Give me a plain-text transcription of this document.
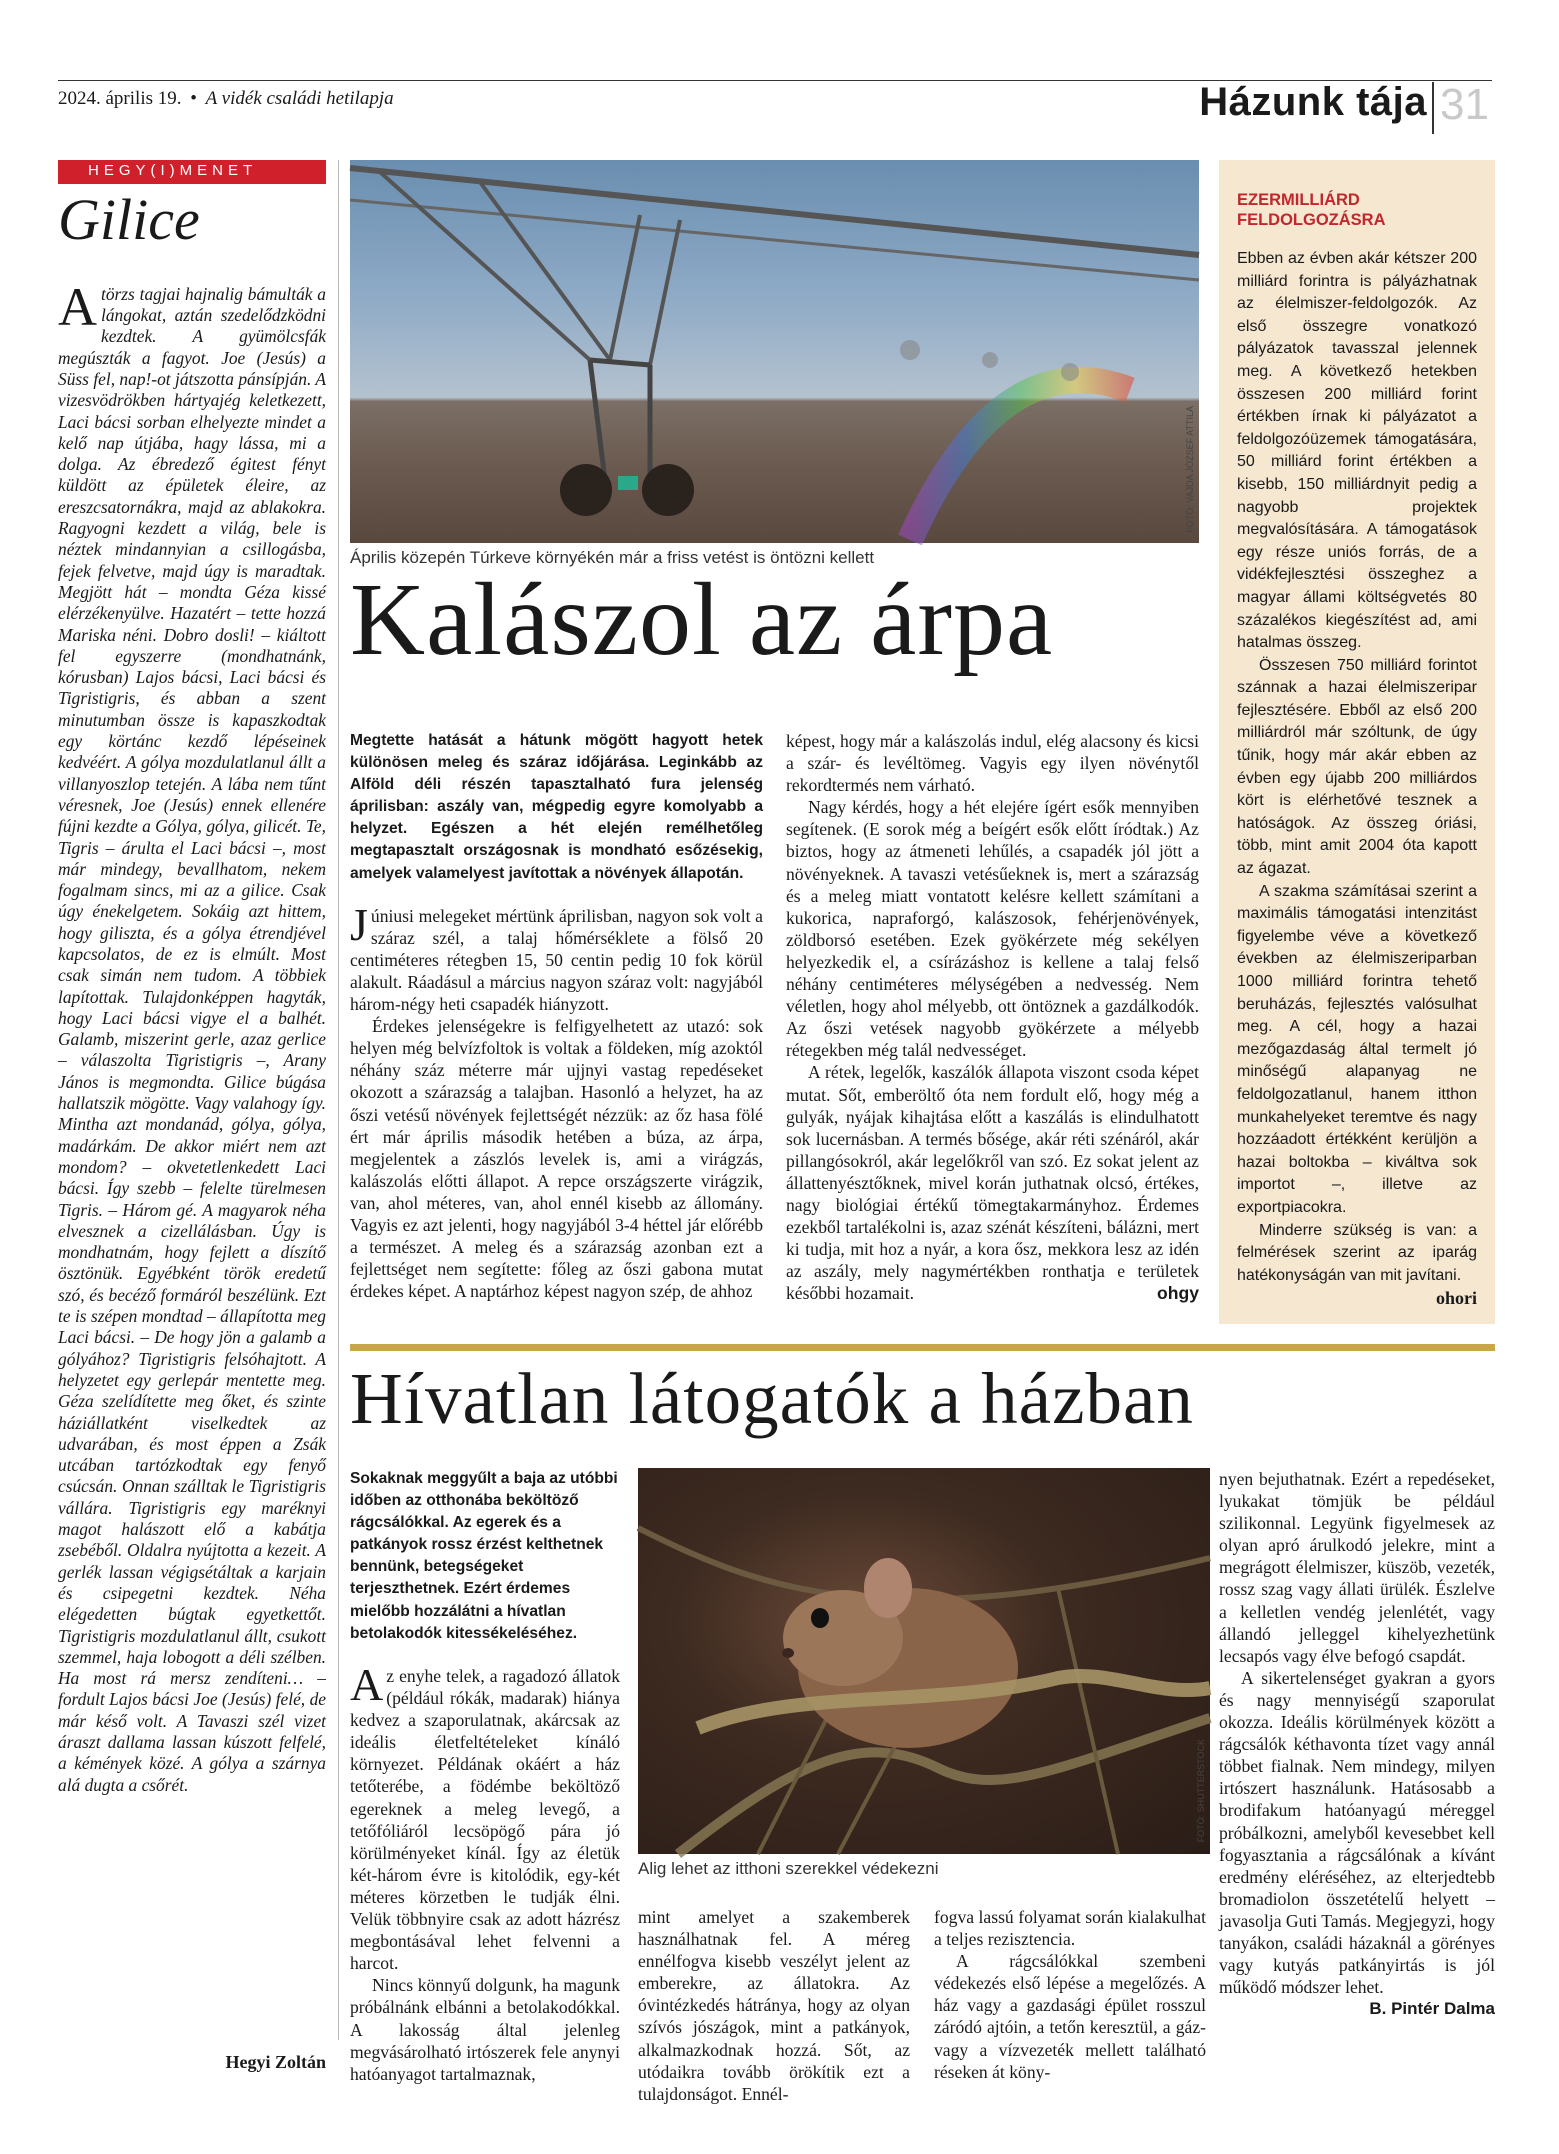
2024. április 19. • A vidék családi hetilapja	Házunk tája 31
HEGY(I)MENET
Gilice
A törzs tagjai hajnalig bámulták a lángokat, aztán szedelődzködni kezdtek. A gyümölcsfák megúszták a fagyot. Joe (Jesús) a Süss fel, nap!-ot játszotta pánsípján. A vizesvödrökben hártyajég keletkezett, Laci bácsi sorban elhelyezte mindet a kelő nap útjába, hagy lássa, mi a dolga. Az ébredező égitest fényt küldött az épületek éleire, az ereszcsatornákra, majd az ablakokra. Ragyogni kezdett a világ, bele is néztek mindannyian a csillogásba, fejek felvetve, majd úgy is maradtak. Megjött hát – mondta Géza kissé elérzékenyülve. Hazatért – tette hozzá Mariska néni. Dobro dosli! – kiáltott fel egyszerre (mondhatnánk, kórusban) Lajos bácsi, Laci bácsi és Tigristigris, és abban a szent minutumban össze is kapaszkodtak egy körtánc kezdő lépéseinek kedvéért. A gólya mozdulatlanul állt a villanyoszlop tetején. A lába nem tűnt véresnek, Joe (Jesús) ennek ellenére fújni kezdte a Gólya, gólya, gilicét. Te, Tigris – árulta el Laci bácsi –, most már mindegy, bevallhatom, nekem fogalmam sincs, mi az a gilice. Csak úgy énekelgetem. Sokáig azt hittem, hogy giliszta, és a gólya étrendjével kapcsolatos, de ez is elmúlt. Most csak simán nem tudom. A többiek lapítottak. Tulajdonképpen hagyták, hogy Laci bácsi vigye el a balhét. Galamb, miszerint gerle, azaz gerlice – válaszolta Tigristigris –, Arany János is megmondta. Gilice búgása hallatszik mögötte. Vagy valahogy így. Minthа azt mondanád, gólya, gólya, madárkám. De akkor miért nem azt mondom? – okvetetlenkedett Laci bácsi. Így szebb – felelte türelmesen Tigris. – Három gé. A magyarok néha elvesznek a cizellálásban. Úgy is mondhatnám, hogy fejlett a díszítő ösztönük. Egyébként török eredetű szó, és becéző formáról beszélünk. Ezt te is szépen mondtad – állapította meg Laci bácsi. – De hogy jön a galamb a gólyához? Tigristigris felsóhajtott. A helyzetet egy gerlepár mentette meg. Géza szelídítette meg őket, és szinte háziállatként viselkedtek az udvarában, és most éppen a Zsák utcában tartózkodtak egy fenyő csúcsán. Onnan szálltak le Tigristigris vállára. Tigristigris egy maréknyi magot halászott elő a kabátja zsebéből. Oldalra nyújtotta a kezeit. A gerlék lassan végigsétáltak a karjain és csipegetni kezdtek. Néha elégedetten búgtak egyetkettőt. Tigristigris mozdulatlanul állt, csukott szemmel, haja lobogott a déli szélben. Ha most rá mersz zendíteni… – fordult Lajos bácsi Joe (Jesús) felé, de már késő volt. A Tavaszi szél vizet áraszt dallama lassan kúszott felfelé, a kémények közé. A gólya a szárnya alá dugta a csőrét.
Hegyi Zoltán
FOTÓ: VAJDA JÓZSEF ATTILA
Április közepén Túrkeve környékén már a friss vetést is öntözni kellett
Kalászol az árpa

Megtette hatását a hátunk mögött hagyott hetek különösen meleg és száraz időjárása. Leginkább az Alföld déli részén tapasztalható fura jelenség áprilisban: aszály van, mégpedig egyre komolyabb a helyzet. Egészen a hét elején remélhetőleg megtapasztalt országosnak is mondható esőzésekig, amelyek valamelyest javítottak a növények állapotán.

Júniusi melegeket mértünk áprilisban, nagyon sok volt a száraz szél, a talaj hőmérséklete a fölső 20 centiméteres rétegben 15, 50 centin pedig 10 fok körül alakult. Ráadásul a március nagyon száraz volt: nagyjából három-négy heti csapadék hiányzott.

Érdekes jelenségekre is felfigyelhetett az utazó: sok helyen még belvízfoltok is voltak a földeken, míg azoktól néhány száz méterre már ujjnyi vastag repedéseket okozott a szárazság a talajban. Hasonló a helyzet, ha az őszi vetésű növények fejlettségét nézzük: az őz hasa fölé ért már április második hetében a búza, az árpa, megjelentek a zászlós levelek is, ami a virágzás, kalászolás előtti állapot. A repce országszerte virágzik, van, ahol méteres, van, ahol ennél kisebb az állomány. Vagyis ez azt jelenti, hogy nagyjából 3-4 héttel jár előrébb a természet. A meleg és a szárazság azonban ezt a fejlettséget nem segítette: főleg az őszi gabona mutat érdekes képet. A naptárhoz képest nagyon szép, de ahhoz

képest, hogy már a kalászolás indul, elég alacsony és kicsi a szár- és levéltömeg. Vagyis egy ilyen növénytől rekordtermés nem várható.

Nagy kérdés, hogy a hét elejére ígért esők mennyiben segítenek. (E sorok még a beígért esők előtt íródtak.) Az biztos, hogy az átmeneti lehűlés, a csapadék jól jött a növényeknek. A tavaszi vetésűeknek is, mert a szárazság és a meleg miatt vontatott kelésre kellett számítani a kukorica, napraforgó, kalászosok, fehérjenövények, zöldborsó esetében. Ezek gyökérzete még sekélyen helyezkedik el, a csírázáshoz is kellene a talaj felső néhány centiméteres mélységében a nedvesség. Nem véletlen, hogy ahol mélyebb, ott öntöznek a gazdálkodók. Az őszi vetések nagyobb gyökérzete a mélyebb rétegekben még talál nedvességet.

A rétek, legelők, kaszálók állapota viszont csoda képet mutat. Sőt, emberöltő óta nem fordult elő, hogy még a gulyák, nyájak kihajtása előtt a kaszálás is elindulhatott sok lucernásban. A termés bősége, akár réti szénáról, akár pillangósokról, akár legelőkről van szó. Ez sokat jelent az állattenyésztőknek, mivel korán juthatnak olcsó, értékes, nagy biológiai értékű tömegtakarmányhoz. Érdemes ezekből tartalékolni is, azaz szénát készíteni, bálázni, mert ki tudja, mit hoz a nyár, a kora ősz, mekkora lesz az idén az aszály, mely nagymértékben ronthatja e területek későbbi hozamait.	ohgy

EZERMILLIÁRD FELDOLGOZÁSRA

Ebben az évben akár kétszer 200 milliárd forintra is pályázhatnak az élelmiszer-feldolgozók. Az első összegre vonatkozó pályázatok tavasszal jelennek meg. A következő hetekben összesen 200 milliárd forint értékben írnak ki pályázatot a feldolgozóüzemek támogatására, 50 milliárd forint értékben a kisebb, 150 milliárdnyit pedig a nagyobb projektek megvalósítására. A támogatások egy része uniós forrás, de a vidékfejlesztési összeghez a magyar állami költségvetés 80 százalékos kiegészítést ad, ami hatalmas összeg.

Összesen 750 milliárd forintot szánnak a hazai élelmiszeripar fejlesztésére. Ebből az első 200 milliárdról már szóltunk, de úgy tűnik, hogy már akár ebben az évben egy újabb 200 milliárdos kört is elérhetővé tesznek a hatóságok. Az összeg óriási, több, mint amit 2004 óta kapott az ágazat.

A szakma számításai szerint a maximális támogatási intenzitást figyelembe véve a következő években az élelmiszeriparban 1000 milliárd forintra tehető beruházás, fejlesztés valósulhat meg. A cél, hogy a hazai mezőgazdaság által termelt jó minőségű alapanyag ne feldolgozatlanul, hanem itthon munkahelyeket teremtve és nagy hozzáadott értékként kerüljön a hazai boltokba – kiváltva sok importot –, illetve az exportpiacokra.

Minderre szükség is van: a felmérések szerint az iparág hatékonyságán van mit javítani.

ohori

Hívatlan látogatók a házban
Sokaknak meggyűlt a baja az utóbbi időben az otthonába beköltöző rágcsálókkal. Az egerek és a patkányok rossz érzést kelthetnek bennünk, betegségeket terjeszthetnek. Ezért érdemes mielőbb hozzálátni a hívatlan betolakodók kitessékeléséhez.

Az enyhe telek, a ragadozó állatok (például rókák, madarak) hiánya kedvez a szaporulatnak, akárcsak az ideális életfeltételeket kínáló környezet. Példának okáért a ház tetőterébe, a födémbe beköltöző egereknek a meleg levegő, a tetőfóliáról lecsöpögő pára jó körülményeket kínál. Így az életük két-három évre is kitolódik, egy-két méteres körzetben le tudják élni. Velük többnyire csak az adott házrész megbontásával lehet felvenni a harcot.

Nincs könnyű dolgunk, ha magunk próbálnánk elbánni a betolakodókkal. A lakosság által jelenleg megvásárolható irtószerek fele anynyi hatóanyagot tartalmaznak,

FOTÓ: SHUTTERSTOCK
Alig lehet az itthoni szerekkel védekezni

mint amelyet a szakemberek használhatnak fel. A méreg ennélfogva kisebb veszélyt jelent az emberekre, az állatokra. Az óvintézkedés hátránya, hogy az olyan szívós jószágok, mint a patkányok, alkalmazkodnak hozzá. Sőt, az utódaikra tovább örökítik ezt a tulajdonságot. Ennél-

fogva lassú folyamat során kialakulhat a teljes rezisztencia.

A rágcsálókkal szembeni védekezés első lépése a megelőzés. A ház vagy a gazdasági épület rosszul záródó ajtóin, a tetőn keresztül, a gáz- vagy a vízvezeték mellett található réseken át köny-

nyen bejuthatnak. Ezért a repedéseket, lyukakat tömjük be például szilikonnal. Legyünk figyelmesek az olyan apró árulkodó jelekre, mint a megrágott élelmiszer, küszöb, vezeték, rossz szag vagy állati ürülék. Észlelve a kelletlen vendég jelenlétét, vagy állandó jelleggel kihelyezhetünk lecsapós vagy élve befogó csapdát.

A sikertelenséget gyakran a gyors és nagy mennyiségű szaporulat okozza. Ideális körülmények között a rágcsálók kéthavonta tízet vagy annál többet fialnak. Nem mindegy, milyen irtószert használunk. Hatásosabb a brodifakum hatóanyagú méreggel próbálkozni, amelyből kevesebbet kell fogyasztania a rágcsálónak a kívánt eredmény eléréséhez, az elterjedtebb bromadiolon összetételű helyett – javasolja Guti Tamás. Megjegyzi, hogy tanyákon, családi házaknál a görényes vagy kutyás patkányirtás is jól működő módszer lehet.

B. Pintér Dalma
